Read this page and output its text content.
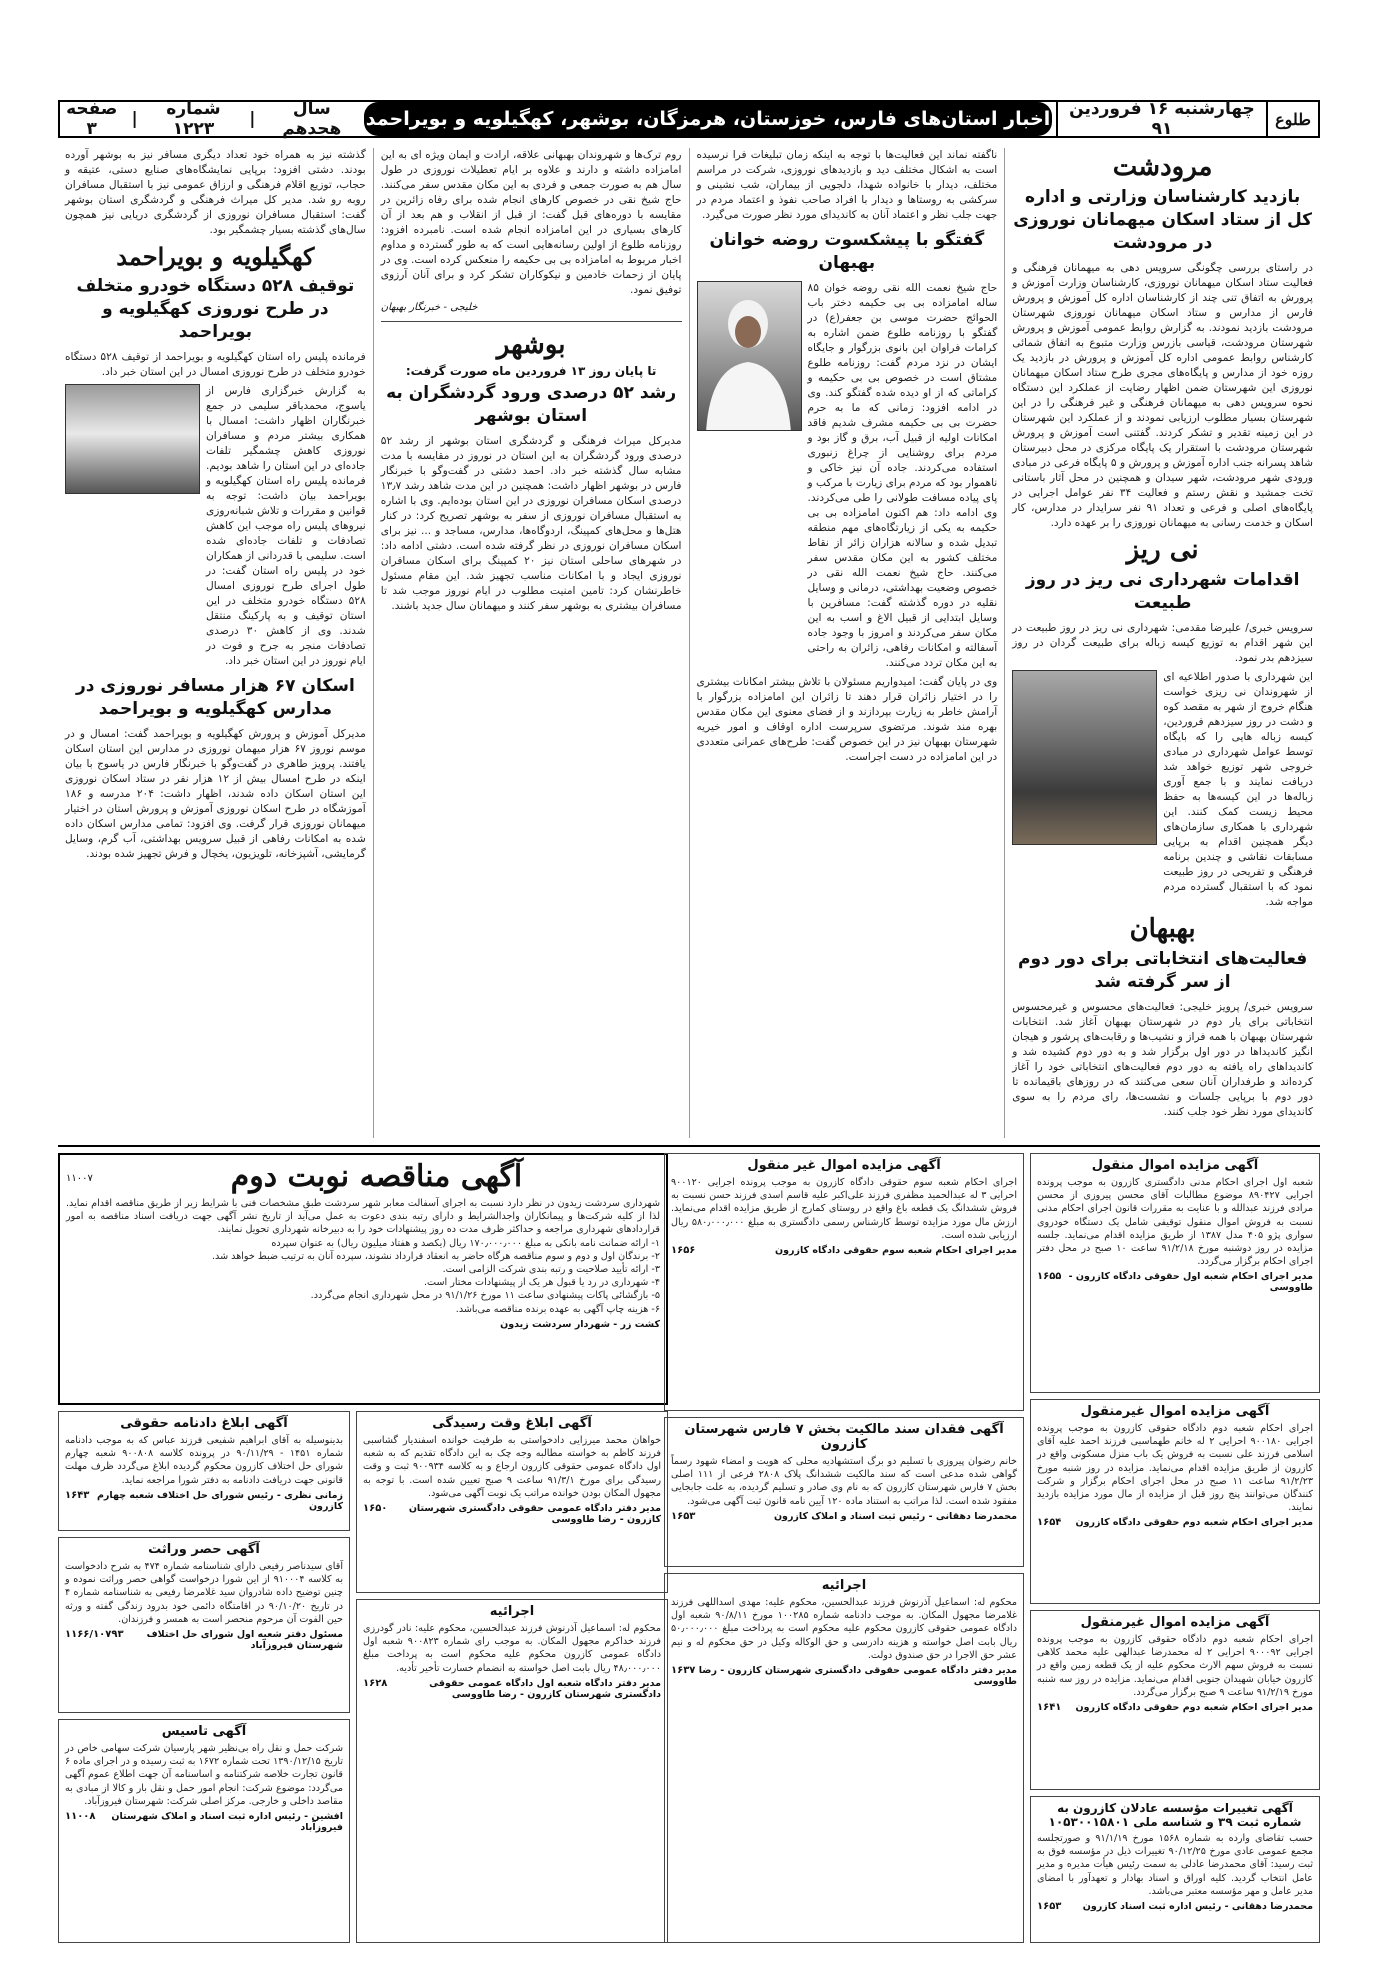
طلوع
چهارشنبه ۱۶ فروردین ۹۱
اخبار استان‌های فارس، خوزستان، هرمزگان، بوشهر، کهگیلویه و بویراحمد
سال هجدهم
|
شماره ۱۲۲۳
|
صفحه ۳
مرودشت
بازدید کارشناسان وزارتی و اداره کل از ستاد اسکان میهمانان نوروزی در مرودشت
در راستای بررسی چگونگی سرویس دهی به میهمانان فرهنگی و فعالیت ستاد اسکان میهمانان نوروزی، کارشناسان وزارت آموزش و پرورش به اتفاق تنی چند از کارشناسان اداره کل آموزش و پرورش فارس از مدارس و ستاد اسکان میهمانان نوروزی شهرستان مرودشت بازدید نمودند. به گزارش روابط عمومی آموزش و پرورش شهرستان مرودشت، قیاسی بازرس وزارت متبوع به اتفاق شمائی کارشناس روابط عمومی اداره کل آموزش و پرورش در بازدید یک روزه خود از مدارس و پایگاه‌های مجری طرح ستاد اسکان میهمانان نوروزی این شهرستان ضمن اظهار رضایت از عملکرد این دستگاه نحوه سرویس دهی به میهمانان فرهنگی و غیر فرهنگی را در این شهرستان بسیار مطلوب ارزیابی نمودند و از عملکرد این شهرستان در این زمینه تقدیر و تشکر کردند. گفتنی است آموزش و پرورش شهرستان مرودشت با استقرار یک پایگاه مرکزی در محل دبیرستان شاهد پسرانه جنب اداره آموزش و پرورش و ۵ پایگاه فرعی در مبادی ورودی شهر مرودشت، شهر سیدان و همچنین در محل آثار باستانی تخت جمشید و نقش رستم و فعالیت ۳۴ نفر عوامل اجرایی در پایگاه‌های اصلی و فرعی و تعداد ۹۱ نفر سرایدار در مدارس، کار اسکان و خدمت رسانی به میهمانان نوروزی را بر عهده دارد.
نی ریز
اقدامات شهرداری نی ریز در روز طبیعت
سرویس خبری/ علیرضا مقدمی: شهرداری نی ریز در روز طبیعت در این شهر اقدام به توزیع کیسه زباله برای طبیعت گردان در روز سیزدهم بدر نمود.
این شهرداری با صدور اطلاعیه ای از شهروندان نی ریزی خواست هنگام خروج از شهر به مقصد کوه و دشت در روز سیزدهم فروردین، کیسه زباله هایی را که بایگاه توسط عوامل شهرداری در مبادی خروجی شهر توزیع خواهد شد دریافت نمایند و با جمع آوری زباله‌ها در این کیسه‌ها به حفظ محیط زیست کمک کنند. این شهرداری با همکاری سازمان‌های دیگر همچنین اقدام به برپایی مسابقات نقاشی و چندین برنامه فرهنگی و تفریحی در روز طبیعت نمود که با استقبال گسترده مردم مواجه شد.
بهبهان
فعالیت‌های انتخاباتی برای دور دوم از سر گرفته شد
سرویس خبری/ پرویز خلیجی: فعالیت‌های محسوس و غیرمحسوس انتخاباتی برای یار دوم در شهرستان بهبهان آغاز شد. انتخابات شهرستان بهبهان با همه فراز و نشیب‌ها و رقابت‌های پرشور و هیجان انگیز کاندیداها در دور اول برگزار شد و به دور دوم کشیده شد و کاندیداهای راه یافته به دور دوم فعالیت‌های انتخاباتی خود را آغاز کرده‌اند و طرفداران آنان سعی می‌کنند که در روزهای باقیمانده تا دور دوم با برپایی جلسات و نشست‌ها، رای مردم را به سوی کاندیدای مورد نظر خود جلب کنند.
ناگفته نماند این فعالیت‌ها با توجه به اینکه زمان تبلیغات فرا نرسیده است به اشکال مختلف دید و بازدیدهای نوروزی، شرکت در مراسم مختلف، دیدار با خانواده شهدا، دلجویی از بیماران، شب نشینی و سرکشی به روستاها و دیدار با افراد صاحب نفوذ و اعتماد مردم در جهت جلب نظر و اعتماد آنان به کاندیدای مورد نظر صورت می‌گیرد.
گفتگو با پیشکسوت روضه خوانان بهبهان
حاج شیخ نعمت الله نقی روضه خوان ۸۵ ساله امامزاده بی بی حکیمه دختر باب الحوائج حضرت موسی بن جعفر(ع) در گفتگو با روزنامه طلوع ضمن اشاره به کرامات فراوان این بانوی بزرگوار و جایگاه ایشان در نزد مردم گفت: روزنامه طلوع مشتاق است در خصوص بی بی حکیمه و کراماتی که از او دیده شده گفتگو کند. وی در ادامه افزود: زمانی که ما به حرم حضرت بی بی حکیمه مشرف شدیم فاقد امکانات اولیه از قبیل آب، برق و گاز بود و مردم برای روشنایی از چراغ زنبوری استفاده می‌کردند. جاده آن نیز خاکی و ناهموار بود که مردم برای زیارت با مرکب و پای پیاده مسافت طولانی را طی می‌کردند. وی ادامه داد: هم اکنون امامزاده بی بی حکیمه به یکی از زیارتگاه‌های مهم منطقه تبدیل شده و سالانه هزاران زائر از نقاط مختلف کشور به این مکان مقدس سفر می‌کنند. حاج شیخ نعمت الله نقی در خصوص وضعیت بهداشتی، درمانی و وسایل نقلیه در دوره گذشته گفت: مسافرین با وسایل ابتدایی از قبیل الاغ و اسب به این مکان سفر می‌کردند و امروز با وجود جاده آسفالته و امکانات رفاهی، زائران به راحتی به این مکان تردد می‌کنند.
وی در پایان گفت: امیدواریم مسئولان با تلاش بیشتر امکانات بیشتری را در اختیار زائران قرار دهند تا زائران این امامزاده بزرگوار با آرامش خاطر به زیارت بپردازند و از فضای معنوی این مکان مقدس بهره مند شوند. مرتضوی سرپرست اداره اوقاف و امور خیریه شهرستان بهبهان نیز در این خصوص گفت: طرح‌های عمرانی متعددی در این امامزاده در دست اجراست.
روم ترک‌ها و شهروندان بهبهانی علاقه، ارادت و ایمان ویژه ای به این امامزاده داشته و دارند و علاوه بر ایام تعطیلات نوروزی در طول سال هم به صورت جمعی و فردی به این مکان مقدس سفر می‌کنند. حاج شیخ نقی در خصوص کارهای انجام شده برای رفاه زائرین در مقایسه با دوره‌های قبل گفت: از قبل از انقلاب و هم بعد از آن کارهای بسیاری در این امامزاده انجام شده است. نامبرده افزود: روزنامه طلوع از اولین رسانه‌هایی است که به طور گسترده و مداوم اخبار مربوط به امامزاده بی بی حکیمه را منعکس کرده است. وی در پایان از زحمات خادمین و نیکوکاران تشکر کرد و برای آنان آرزوی توفیق نمود.
خلیجی - خبرنگار بهبهان
بوشهر
تا پایان روز ۱۳ فروردین ماه صورت گرفت:
رشد ۵۲ درصدی ورود گردشگران به استان بوشهر
مدیرکل میراث فرهنگی و گردشگری استان بوشهر از رشد ۵۲ درصدی ورود گردشگران به این استان در نوروز در مقایسه با مدت مشابه سال گذشته خبر داد. احمد دشتی در گفت‌وگو با خبرنگار فارس در بوشهر اظهار داشت: همچنین در این مدت شاهد رشد ۱۳٫۷ درصدی اسکان مسافران نوروزی در این استان بوده‌ایم. وی با اشاره به استقبال مسافران نوروزی از سفر به بوشهر تصریح کرد: در کنار هتل‌ها و محل‌های کمپینگ، اردوگاه‌ها، مدارس، مساجد و ... نیز برای اسکان مسافران نوروزی در نظر گرفته شده است. دشتی ادامه داد: در شهرهای ساحلی استان نیز ۲۰ کمپینگ برای اسکان مسافران نوروزی ایجاد و با امکانات مناسب تجهیز شد. این مقام مسئول خاطرنشان کرد: تامین امنیت مطلوب در ایام نوروز موجب شد تا مسافران بیشتری به بوشهر سفر کنند و میهمانان سال جدید باشند.
گذشته نیز به همراه خود تعداد دیگری مسافر نیز به بوشهر آورده بودند. دشتی افزود: برپایی نمایشگاه‌های صنایع دستی، عتیقه و حجاب، توزیع اقلام فرهنگی و ارزاق عمومی نیز با استقبال مسافران روبه رو شد. مدیر کل میراث فرهنگی و گردشگری استان بوشهر گفت: استقبال مسافران نوروزی از گردشگری دریایی نیز همچون سال‌های گذشته بسیار چشمگیر بود.
کهگیلویه و بویراحمد
توقیف ۵۲۸ دستگاه خودرو متخلف در طرح نوروزی کهگیلویه و بویراحمد
فرمانده پلیس راه استان کهگیلویه و بویراحمد از توقیف ۵۲۸ دستگاه خودرو متخلف در طرح نوروزی امسال در این استان خبر داد.
به گزارش خبرگزاری فارس از یاسوج، محمدباقر سلیمی در جمع خبرنگاران اظهار داشت: امسال با همکاری بیشتر مردم و مسافران نوروزی کاهش چشمگیر تلفات جاده‌ای در این استان را شاهد بودیم. فرمانده پلیس راه استان کهگیلویه و بویراحمد بیان داشت: توجه به قوانین و مقررات و تلاش شبانه‌روزی نیروهای پلیس راه موجب این کاهش تصادفات و تلفات جاده‌ای شده است. سلیمی با قدردانی از همکاران خود در پلیس راه استان گفت: در طول اجرای طرح نوروزی امسال ۵۲۸ دستگاه خودرو متخلف در این استان توقیف و به پارکینگ منتقل شدند. وی از کاهش ۳۰ درصدی تصادفات منجر به جرح و فوت در ایام نوروز در این استان خبر داد.
اسکان ۶۷ هزار مسافر نوروزی در مدارس کهگیلویه و بویراحمد
مدیرکل آموزش و پرورش کهگیلویه و بویراحمد گفت: امسال و در موسم نوروز ۶۷ هزار میهمان نوروزی در مدارس این استان اسکان یافتند. پرویز طاهری در گفت‌وگو با خبرنگار فارس در یاسوج با بیان اینکه در طرح امسال بیش از ۱۲ هزار نفر در ستاد اسکان نوروزی این استان اسکان داده شدند، اظهار داشت: ۲۰۴ مدرسه و ۱۸۶ آموزشگاه در طرح اسکان نوروزی آموزش و پرورش استان در اختیار میهمانان نوروزی قرار گرفت. وی افزود: تمامی مدارس اسکان داده شده به امکانات رفاهی از قبیل سرویس بهداشتی، آب گرم، وسایل گرمایشی، آشپزخانه، تلویزیون، یخچال و فرش تجهیز شده بودند.
آگهی مناقصه نوبت دوم
۱۱۰۰۷
شهرداری سردشت زیدون در نظر دارد نسبت به اجرای آسفالت معابر شهر سردشت طبق مشخصات فنی با شرایط زیر از طریق مناقصه اقدام نماید. لذا از کلیه شرکت‌ها و پیمانکاران واجدالشرایط و دارای رتبه بندی دعوت به عمل می‌آید از تاریخ نشر آگهی جهت دریافت اسناد مناقصه به امور قراردادهای شهرداری مراجعه و حداکثر ظرف مدت ده روز پیشنهادات خود را به دبیرخانه شهرداری تحویل نمایند.
۱- ارائه ضمانت نامه بانکی به مبلغ ۱۷۰٫۰۰۰٫۰۰۰ ریال (یکصد و هفتاد میلیون ریال) به عنوان سپرده
۲- برندگان اول و دوم و سوم مناقصه هرگاه حاضر به انعقاد قرارداد نشوند، سپرده آنان به ترتیب ضبط خواهد شد.
۳- ارائه تأیید صلاحیت و رتبه بندی شرکت الزامی است.
۴- شهرداری در رد یا قبول هر یک از پیشنهادات مختار است.
۵- بازگشائی پاکات پیشنهادی ساعت ۱۱ مورخ ۹۱/۱/۲۶ در محل شهرداری انجام می‌گردد.
۶- هزینه چاپ آگهی به عهده برنده مناقصه می‌باشد.
کشت زر - شهردار سردشت زیدون
آگهی مزایده اموال منقول
شعبه اول اجرای احکام مدنی دادگستری کازرون به موجب پرونده اجرایی ۸۹۰۴۲۷ موضوع مطالبات آقای محسن پیروزی از محسن مرادی فرزند عبدالله و با عنایت به مقررات قانون اجرای احکام مدنی نسبت به فروش اموال منقول توقیفی شامل یک دستگاه خودروی سواری پژو ۴۰۵ مدل ۱۳۸۷ از طریق مزایده اقدام می‌نماید. جلسه مزایده در روز دوشنبه مورخ ۹۱/۲/۱۸ ساعت ۱۰ صبح در محل دفتر اجرای احکام برگزار می‌گردد.
مدیر اجرای احکام شعبه اول حقوقی دادگاه کازرون - طاووسی
۱۶۵۵
آگهی مزایده اموال غیرمنقول
اجرای احکام شعبه دوم دادگاه حقوقی کازرون به موجب پرونده اجرایی ۹۰۰۱۸۰ احرایی ۲ له خانم طهماسبی فرزند احمد علیه آقای اسلامی فرزند علی نسبت به فروش یک باب منزل مسکونی واقع در کازرون از طریق مزایده اقدام می‌نماید. مزایده در روز شنبه مورخ ۹۱/۲/۲۳ ساعت ۱۱ صبح در محل اجرای احکام برگزار و شرکت کنندگان می‌توانند پنج روز قبل از مزایده از مال مورد مزایده بازدید نمایند.
مدیر اجرای احکام شعبه دوم حقوقی دادگاه کازرون
۱۶۵۴
آگهی مزایده اموال غیرمنقول
اجرای احکام شعبه دوم دادگاه حقوقی کازرون به موجب پرونده اجرایی ۹۰۰۰۹۲ احرایی ۲ له محمدرضا عبدالهی علیه محمد کلاهی نسبت به فروش سهم الارث محکوم علیه از یک قطعه زمین واقع در کازرون خیابان شهیدان جنوبی اقدام می‌نماید. مزایده در روز سه شنبه مورخ ۹۱/۲/۱۹ ساعت ۹ صبح برگزار می‌گردد.
مدیر اجرای احکام شعبه دوم حقوقی دادگاه کازرون
۱۶۴۱
آگهی تغییرات مؤسسه عادلان کازرون به شماره ثبت ۳۹ و شناسه ملی ۱۰۵۳۰۰۱۵۸۰۱
حسب تقاضای وارده به شماره ۱۵۶۸ مورخ ۹۱/۱/۱۹ و صورتجلسه مجمع عمومی عادی مورخ ۹۰/۱۲/۲۵ تغییرات ذیل در مؤسسه فوق به ثبت رسید: آقای محمدرضا عادلی به سمت رئیس هیأت مدیره و مدیر عامل انتخاب گردید. کلیه اوراق و اسناد بهادار و تعهدآور با امضای مدیر عامل و مهر مؤسسه معتبر می‌باشد.
محمدرضا دهقانی - رئیس اداره ثبت اسناد کازرون
۱۶۵۳
آگهی مزایده اموال غیر منقول
اجرای احکام شعبه سوم حقوقی دادگاه کازرون به موجب پرونده اجرایی ۹۰۰۱۲۰ احرایی ۳ له عبدالحمید مظفری فرزند علی‌اکبر علیه قاسم اسدی فرزند حسن نسبت به فروش ششدانگ یک قطعه باغ واقع در روستای کمارج از طریق مزایده اقدام می‌نماید. ارزش مال مورد مزایده توسط کارشناس رسمی دادگستری به مبلغ ۵۸۰٫۰۰۰٫۰۰۰ ریال ارزیابی شده است.
مدیر اجرای احکام شعبه سوم حقوقی دادگاه کازرون
۱۶۵۶
آگهی فقدان سند مالکیت بخش ۷ فارس شهرستان کازرون
خانم رضوان پیروزی با تسلیم دو برگ استشهادیه محلی که هویت و امضاء شهود رسماً گواهی شده مدعی است که سند مالکیت ششدانگ پلاک ۲۸۰۸ فرعی از ۱۱۱ اصلی بخش ۷ فارس شهرستان کازرون که به نام وی صادر و تسلیم گردیده، به علت جابجایی مفقود شده است. لذا مراتب به استناد ماده ۱۲۰ آیین نامه قانون ثبت آگهی می‌شود.
محمدرضا دهقانی - رئیس ثبت اسناد و املاک کازرون
۱۶۵۳
اجرائیه
محکوم له: اسماعیل آذرنوش فرزند عبدالحسین، محکوم علیه: مهدی اسداللهی فرزند غلامرضا مجهول المکان. به موجب دادنامه شماره ۱۰۰۲۸۵ مورخ ۹۰/۸/۱۱ شعبه اول دادگاه عمومی حقوقی کازرون محکوم علیه محکوم است به پرداخت مبلغ ۵۰٫۰۰۰٫۰۰۰ ریال بابت اصل خواسته و هزینه دادرسی و حق الوکاله وکیل در حق محکوم له و نیم عشر حق الاجرا در حق صندوق دولت.
مدیر دفتر دادگاه عمومی حقوقی دادگستری شهرستان کازرون - رضا طاووسی
۱۶۳۷
آگهی ابلاغ وقت رسیدگی
خواهان محمد میرزایی دادخواستی به طرفیت خوانده اسفندیار گشاسبی فرزند کاظم به خواسته مطالبه وجه چک به این دادگاه تقدیم که به شعبه اول دادگاه عمومی حقوقی کازرون ارجاع و به کلاسه ۹۰۰۹۳۴ ثبت و وقت رسیدگی برای مورخ ۹۱/۳/۱ ساعت ۹ صبح تعیین شده است. با توجه به مجهول المکان بودن خوانده مراتب یک نوبت آگهی می‌شود.
مدیر دفتر دادگاه عمومی حقوقی دادگستری شهرستان کازرون - رضا طاووسی
۱۶۵۰
اجرائیه
محکوم له: اسماعیل آذرنوش فرزند عبدالحسین، محکوم علیه: نادر گودرزی فرزند خداکرم مجهول المکان. به موجب رای شماره ۹۰۰۸۲۳ شعبه اول دادگاه عمومی کازرون محکوم علیه محکوم است به پرداخت مبلغ ۴۸٫۰۰۰٫۰۰۰ ریال بابت اصل خواسته به انضمام خسارت تأخیر تأدیه.
مدیر دفتر دادگاه شعبه اول دادگاه عمومی حقوقی دادگستری شهرستان کازرون - رضا طاووسی
۱۶۲۸
آگهی ابلاغ دادنامه حقوقی
بدینوسیله به آقای ابراهیم شفیعی فرزند عباس که به موجب دادنامه شماره ۱۴۵۱ - ۹۰/۱۱/۲۹ در پرونده کلاسه ۹۰۰۸۰۸ شعبه چهارم شورای حل اختلاف کازرون محکوم گردیده ابلاغ می‌گردد ظرف مهلت قانونی جهت دریافت دادنامه به دفتر شورا مراجعه نماید.
زمانی نظری - رئیس شورای حل اختلاف شعبه چهارم کازرون
۱۶۴۳
آگهی حصر وراثت
آقای سیدناصر رفیعی دارای شناسنامه شماره ۴۷۴ به شرح دادخواست به کلاسه ۹۱۰۰۰۴ از این شورا درخواست گواهی حصر وراثت نموده و چنین توضیح داده شادروان سید غلامرضا رفیعی به شناسنامه شماره ۴ در تاریخ ۹۰/۱۰/۲۰ در اقامتگاه دائمی خود بدرود زندگی گفته و ورثه حین الفوت آن مرحوم منحصر است به همسر و فرزندان.
مسئول دفتر شعبه اول شورای حل اختلاف شهرستان فیروزآباد
۱۱۶۶/۱۰۷۹۳
آگهی تاسیس
شرکت حمل و نقل راه بی‌نظیر شهر پارسیان شرکت سهامی خاص در تاریخ ۱۳۹۰/۱۲/۱۵ تحت شماره ۱۶۷۲ به ثبت رسیده و در اجرای ماده ۶ قانون تجارت خلاصه شرکتنامه و اساسنامه آن جهت اطلاع عموم آگهی می‌گردد: موضوع شرکت: انجام امور حمل و نقل بار و کالا از مبادی به مقاصد داخلی و خارجی. مرکز اصلی شرکت: شهرستان فیروزآباد.
افشین - رئیس اداره ثبت اسناد و املاک شهرستان فیروزآباد
۱۱۰۰۸
